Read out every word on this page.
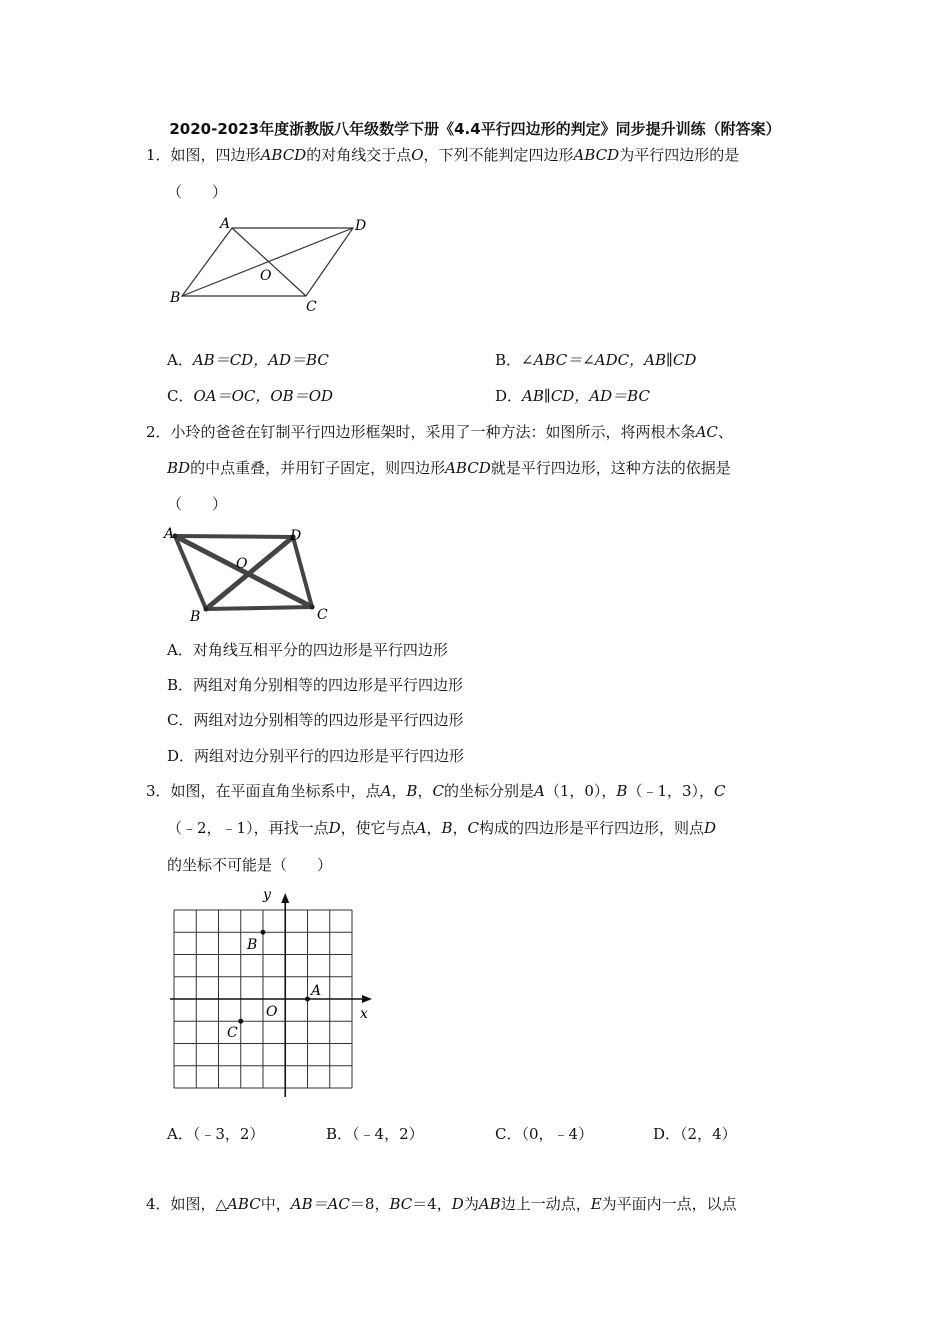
2020-2023年度浙教版八年级数学下册《4.4平行四边形的判定》同步提升训练（附答案）
1．如图，四边形ABCD的对角线交于点O，下列不能判定四边形ABCD为平行四边形的是
（　　）
A	D
B
C
O
A．AB＝CD，AD＝BC	B．∠ABC＝∠ADC，AB∥CD
C．OA＝OC，OB＝OD	D．AB∥CD，AD＝BC
2．小玲的爸爸在钉制平行四边形框架时，采用了一种方法：如图所示，将两根木条AC、
BD的中点重叠，并用钉子固定，则四边形ABCD就是平行四边形，这种方法的依据是
（　　）
A	D
B	C
O
A．对角线互相平分的四边形是平行四边形
B．两组对角分别相等的四边形是平行四边形
C．两组对边分别相等的四边形是平行四边形
D．两组对边分别平行的四边形是平行四边形
3．如图，在平面直角坐标系中，点A，B，C的坐标分别是A（1，0），B（﹣1，3），C
（﹣2，﹣1），再找一点D，使它与点A，B，C构成的四边形是平行四边形，则点D
的坐标不可能是（　　）
x
y
A
B
C
O
A．（﹣3，2）	B．（﹣4，2）	C．（0，﹣4）	D．（2，4）
4．如图，△ABC中，AB＝AC＝8，BC＝4，D为AB边上一动点，E为平面内一点，以点
